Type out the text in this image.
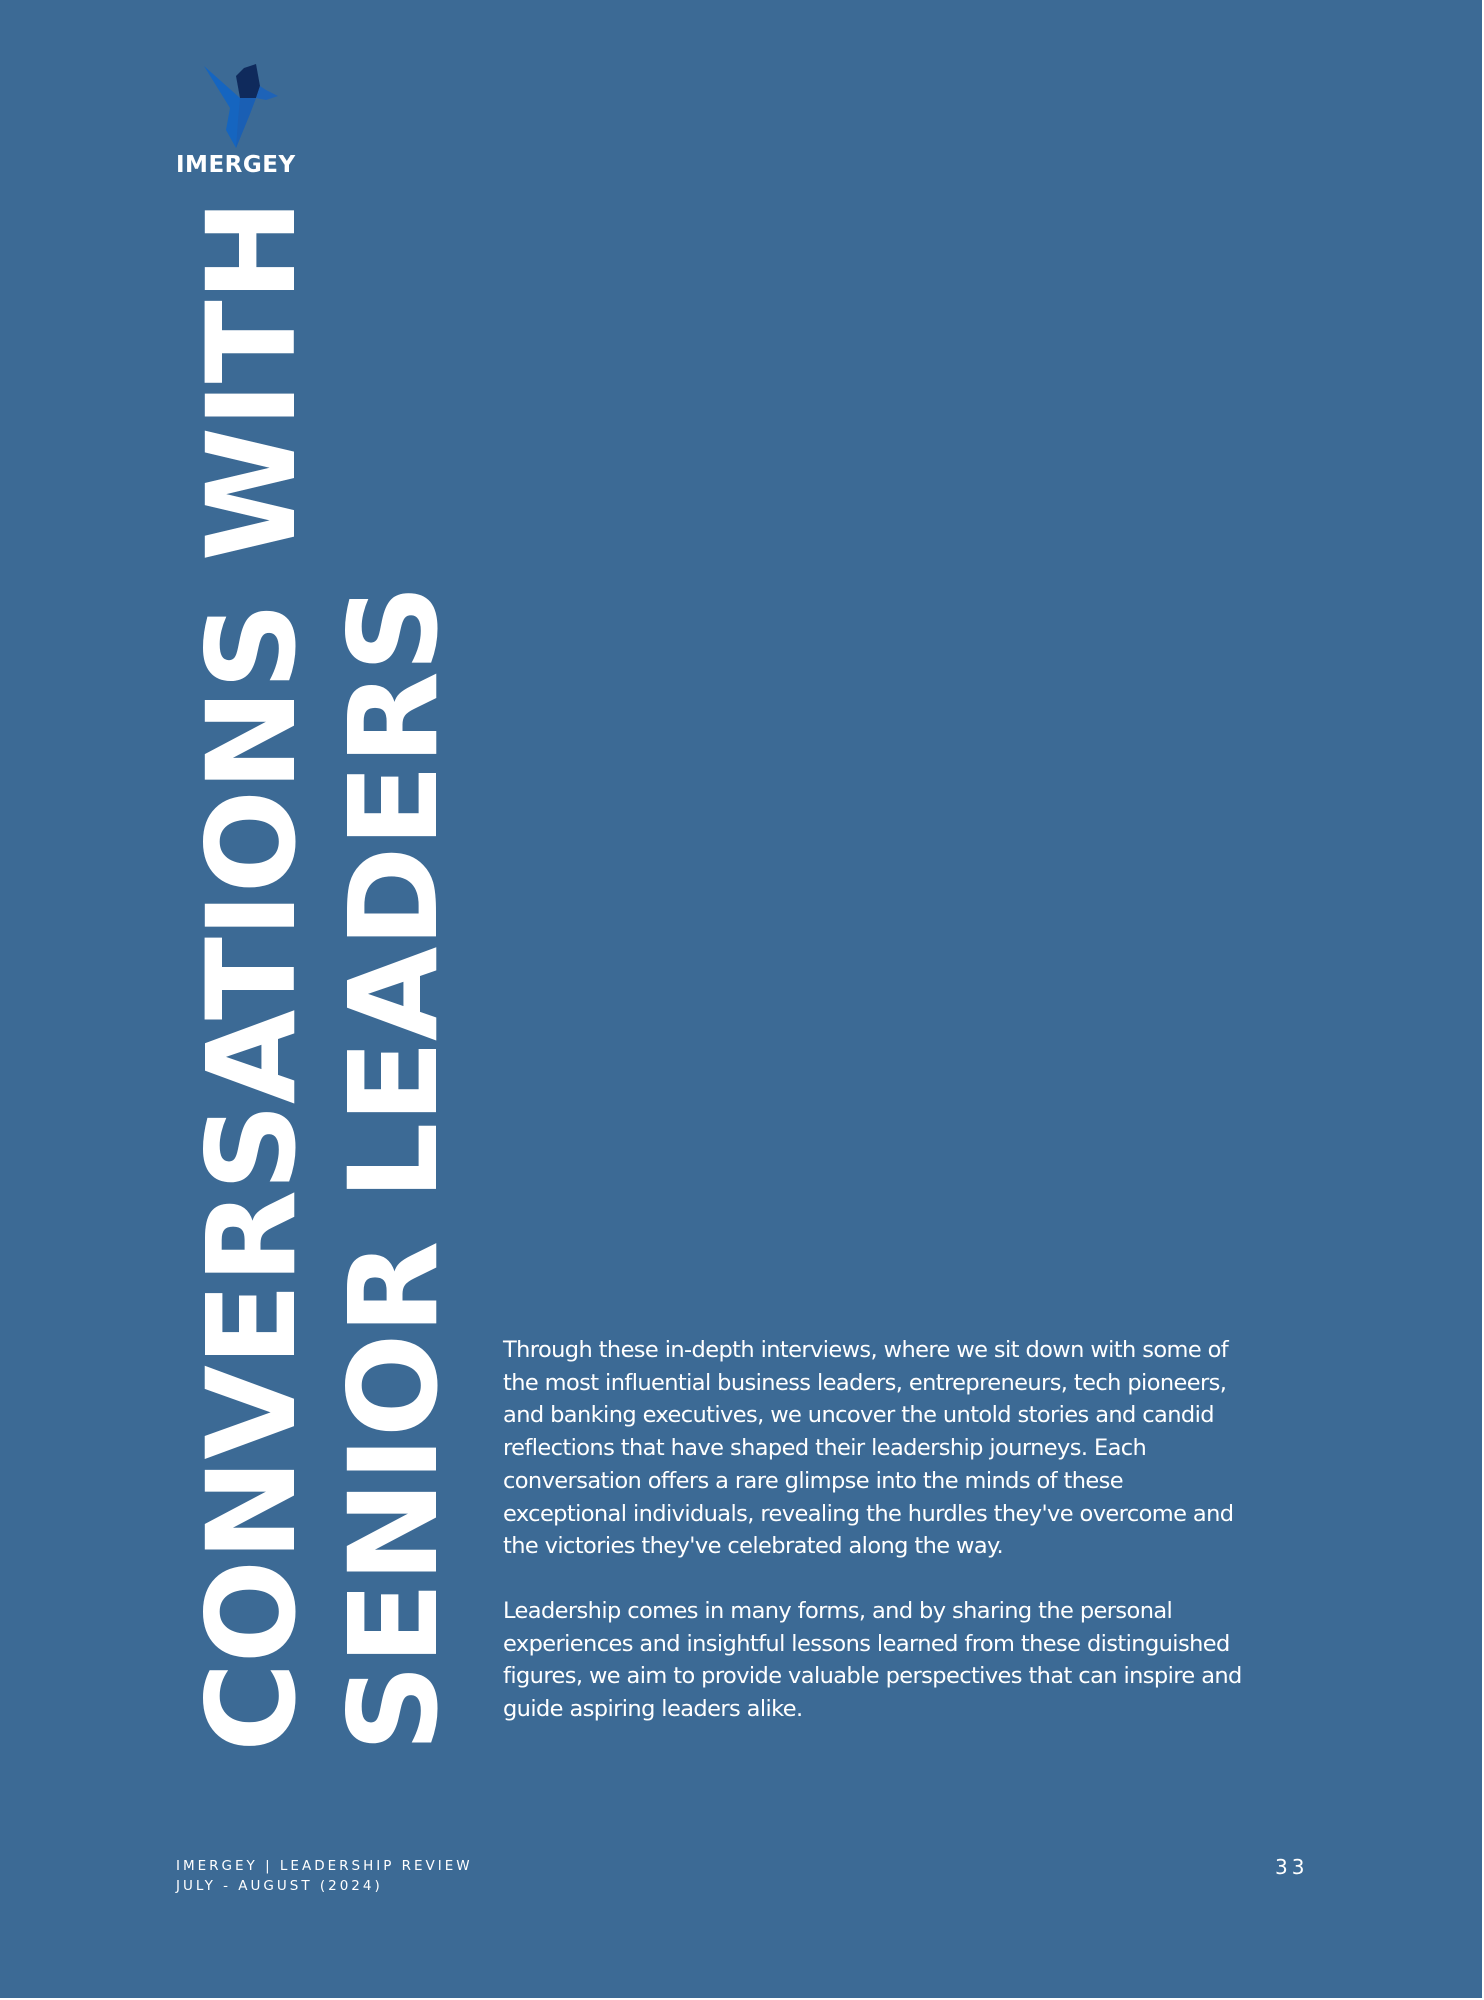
IMERGEY
CONVERSATIONS WITH SENIOR LEADERS Through these in-depth interviews, where we sit down with some of the most influential business leaders, entrepreneurs, tech pioneers, and banking executives, we uncover the untold stories and candid reflections that have shaped their leadership journeys. Each conversation offers a rare glimpse into the minds of these exceptional individuals, revealing the hurdles they've overcome and the victories they've celebrated along the way.

Leadership comes in many forms, and by sharing the personal experiences and insightful lessons learned from these distinguished figures, we aim to provide valuable perspectives that can inspire and guide aspiring leaders alike.

IMERGEY | LEADERSHIP REVIEW
JULY - AUGUST (2024)
33
